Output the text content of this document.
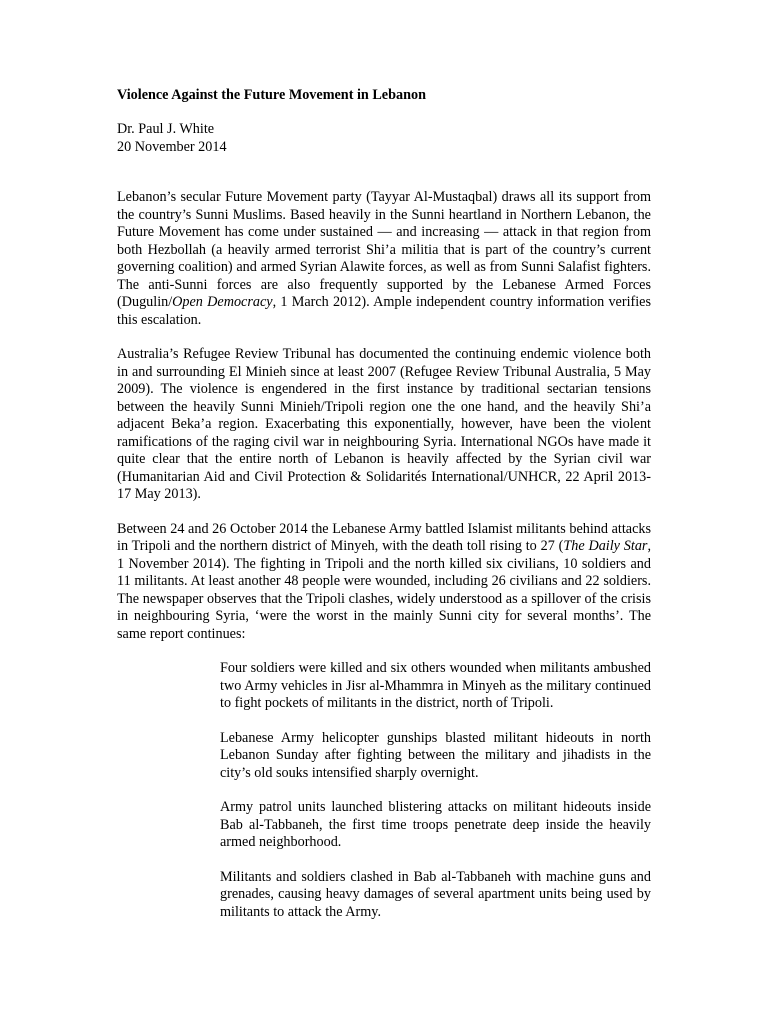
Violence Against the Future Movement in Lebanon
Dr. Paul J. White
20 November 2014

Lebanon’s secular Future Movement party (Tayyar Al-Mustaqbal) draws all its support from the country’s Sunni Muslims. Based heavily in the Sunni heartland in Northern Lebanon, the Future Movement has come under sustained — and increasing — attack in that region from both Hezbollah (a heavily armed terrorist Shi’a militia that is part of the country’s current governing coalition) and armed Syrian Alawite forces, as well as from Sunni Salafist fighters. The anti-Sunni forces are also frequently supported by the Lebanese Armed Forces (Dugulin/Open Democracy, 1 March 2012). Ample independent country information verifies this escalation.

Australia’s Refugee Review Tribunal has documented the continuing endemic violence both in and surrounding El Minieh since at least 2007 (Refugee Review Tribunal Australia, 5 May 2009). The violence is engendered in the first instance by traditional sectarian tensions between the heavily Sunni Minieh/Tripoli region one the one hand, and the heavily Shi’a adjacent Beka’a region. Exacerbating this exponentially, however, have been the violent ramifications of the raging civil war in neighbouring Syria. International NGOs have made it quite clear that the entire north of Lebanon is heavily affected by the Syrian civil war (Humanitarian Aid and Civil Protection & Solidarités International/UNHCR, 22 April 2013-17 May 2013).

Between 24 and 26 October 2014 the Lebanese Army battled Islamist militants behind attacks in Tripoli and the northern district of Minyeh, with the death toll rising to 27 (The Daily Star, 1 November 2014). The fighting in Tripoli and the north killed six civilians, 10 soldiers and 11 militants. At least another 48 people were wounded, including 26 civilians and 22 soldiers. The newspaper observes that the Tripoli clashes, widely understood as a spillover of the crisis in neighbouring Syria, ‘were the worst in the mainly Sunni city for several months’. The same report continues:

Four soldiers were killed and six others wounded when militants ambushed two Army vehicles in Jisr al-Mhammra in Minyeh as the military continued to fight pockets of militants in the district, north of Tripoli.

Lebanese Army helicopter gunships blasted militant hideouts in north Lebanon Sunday after fighting between the military and jihadists in the city’s old souks intensified sharply overnight.

Army patrol units launched blistering attacks on militant hideouts inside Bab al-Tabbaneh, the first time troops penetrate deep inside the heavily armed neighborhood.

Militants and soldiers clashed in Bab al-Tabbaneh with machine guns and grenades, causing heavy damages of several apartment units being used by militants to attack the Army.
